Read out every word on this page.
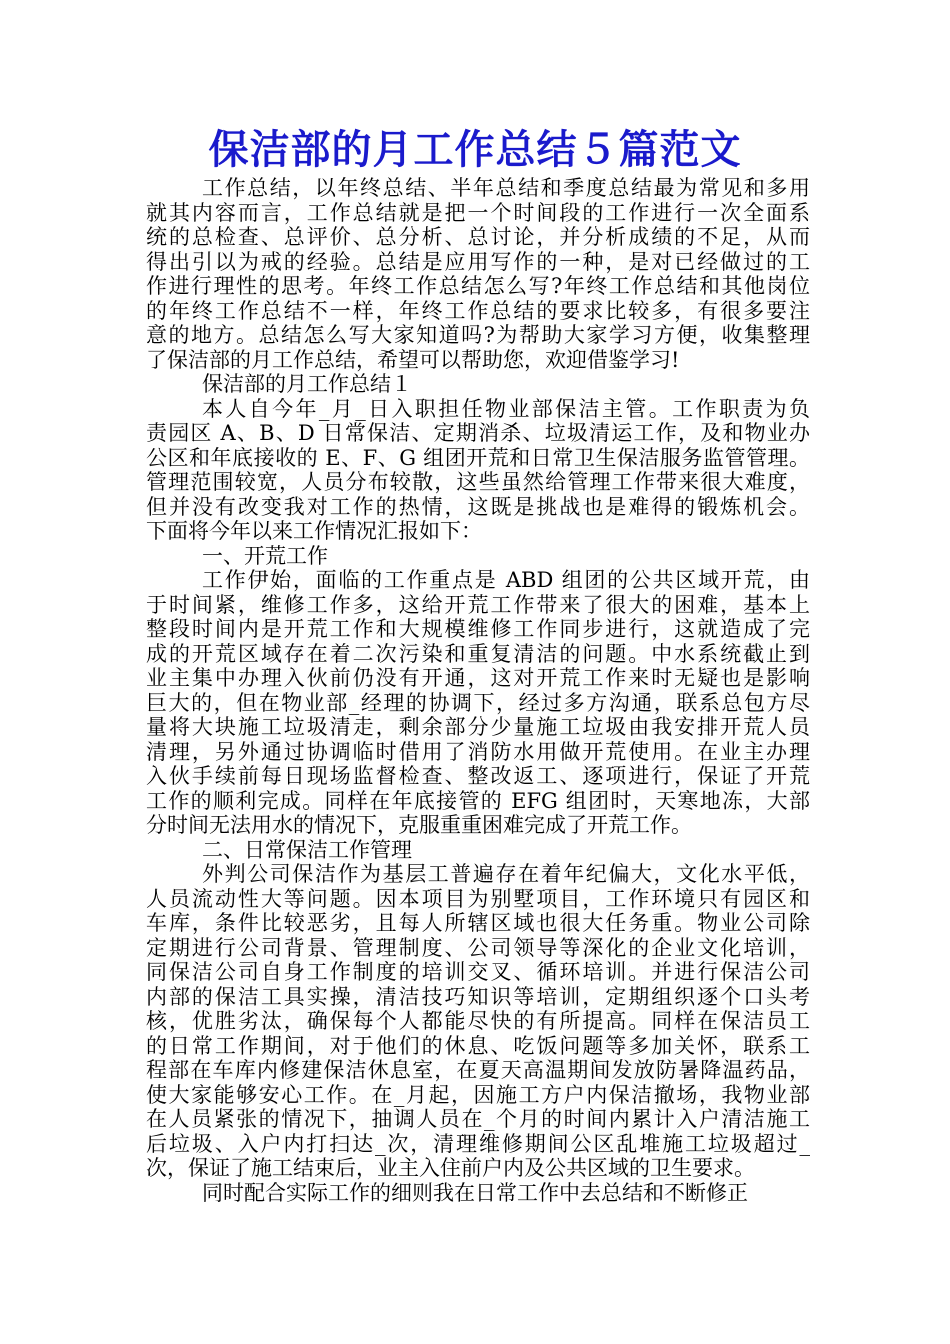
保洁部的月工作总结５篇范文
工作总结，以年终总结、半年总结和季度总结最为常见和多用
就其内容而言，工作总结就是把一个时间段的工作进行一次全面系
统的总检查、总评价、总分析、总讨论，并分析成绩的不足，从而
得出引以为戒的经验。总结是应用写作的一种，是对已经做过的工
作进行理性的思考。年终工作总结怎么写?年终工作总结和其他岗位
的年终工作总结不一样，年终工作总结的要求比较多，有很多要注
意的地方。总结怎么写大家知道吗?为帮助大家学习方便，收集整理
了保洁部的月工作总结，希望可以帮助您，欢迎借鉴学习!
保洁部的月工作总结１
本人自今年_月_日入职担任物业部保洁主管。工作职责为负
责园区 A、B、D 日常保洁、定期消杀、垃圾清运工作，及和物业办
公区和年底接收的 E、F、G 组团开荒和日常卫生保洁服务监管管理。
管理范围较宽，人员分布较散，这些虽然给管理工作带来很大难度，
但并没有改变我对工作的热情，这既是挑战也是难得的锻炼机会。
下面将今年以来工作情况汇报如下：
一、开荒工作
工作伊始，面临的工作重点是 ABD 组团的公共区域开荒，由
于时间紧，维修工作多，这给开荒工作带来了很大的困难，基本上
整段时间内是开荒工作和大规模维修工作同步进行，这就造成了完
成的开荒区域存在着二次污染和重复清洁的问题。中水系统截止到
业主集中办理入伙前仍没有开通，这对开荒工作来时无疑也是影响
巨大的，但在物业部_经理的协调下，经过多方沟通，联系总包方尽
量将大块施工垃圾清走，剩余部分少量施工垃圾由我安排开荒人员
清理，另外通过协调临时借用了消防水用做开荒使用。在业主办理
入伙手续前每日现场监督检查、整改返工、逐项进行，保证了开荒
工作的顺利完成。同样在年底接管的 EFG 组团时，天寒地冻，大部
分时间无法用水的情况下，克服重重困难完成了开荒工作。
二、日常保洁工作管理
外判公司保洁作为基层工普遍存在着年纪偏大，文化水平低，
人员流动性大等问题。因本项目为别墅项目，工作环境只有园区和
车库，条件比较恶劣，且每人所辖区域也很大任务重。物业公司除
定期进行公司背景、管理制度、公司领导等深化的企业文化培训，
同保洁公司自身工作制度的培训交叉、循环培训。并进行保洁公司
内部的保洁工具实操，清洁技巧知识等培训，定期组织逐个口头考
核，优胜劣汰，确保每个人都能尽快的有所提高。同样在保洁员工
的日常工作期间，对于他们的休息、吃饭问题等多加关怀，联系工
程部在车库内修建保洁休息室，在夏天高温期间发放防暑降温药品，
使大家能够安心工作。在_月起，因施工方户内保洁撤场，我物业部
在人员紧张的情况下，抽调人员在_个月的时间内累计入户清洁施工
后垃圾、入户内打扫达_次，清理维修期间公区乱堆施工垃圾超过_
次，保证了施工结束后，业主入住前户内及公共区域的卫生要求。
同时配合实际工作的细则我在日常工作中去总结和不断修正
